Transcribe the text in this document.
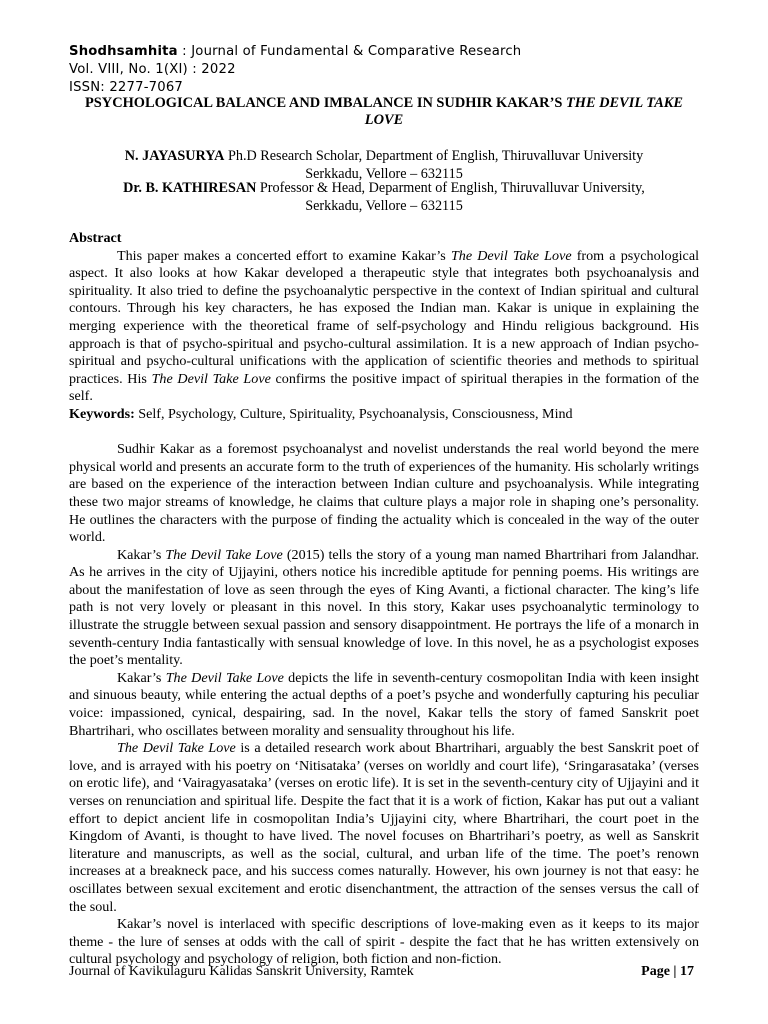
Shodhsamhita : Journal of Fundamental & Comparative Research
Vol. VIII, No. 1(XI) : 2022
ISSN: 2277-7067
PSYCHOLOGICAL BALANCE AND IMBALANCE IN SUDHIR KAKAR’S THE DEVIL TAKE LOVE
N. JAYASURYA Ph.D Research Scholar, Department of English, Thiruvalluvar University
Serkkadu, Vellore – 632115
Dr. B. KATHIRESAN Professor & Head, Deparment of English, Thiruvalluvar University,
Serkkadu, Vellore – 632115

Abstract

This paper makes a concerted effort to examine Kakar’s The Devil Take Love from a psychological aspect. It also looks at how Kakar developed a therapeutic style that integrates both psychoanalysis and spirituality. It also tried to define the psychoanalytic perspective in the context of Indian spiritual and cultural contours. Through his key characters, he has exposed the Indian man. Kakar is unique in explaining the merging experience with the theoretical frame of self-psychology and Hindu religious background. His approach is that of psycho-spiritual and psycho-cultural assimilation. It is a new approach of Indian psycho-spiritual and psycho-cultural unifications with the application of scientific theories and methods to spiritual practices. His The Devil Take Love confirms the positive impact of spiritual therapies in the formation of the self.

Keywords: Self, Psychology, Culture, Spirituality, Psychoanalysis, Consciousness, Mind

Sudhir Kakar as a foremost psychoanalyst and novelist understands the real world beyond the mere physical world and presents an accurate form to the truth of experiences of the humanity. His scholarly writings are based on the experience of the interaction between Indian culture and psychoanalysis. While integrating these two major streams of knowledge, he claims that culture plays a major role in shaping one’s personality. He outlines the characters with the purpose of finding the actuality which is concealed in the way of the outer world.

Kakar’s The Devil Take Love (2015) tells the story of a young man named Bhartrihari from Jalandhar. As he arrives in the city of Ujjayini, others notice his incredible aptitude for penning poems. His writings are about the manifestation of love as seen through the eyes of King Avanti, a fictional character. The king’s life path is not very lovely or pleasant in this novel. In this story, Kakar uses psychoanalytic terminology to illustrate the struggle between sexual passion and sensory disappointment. He portrays the life of a monarch in seventh-century India fantastically with sensual knowledge of love. In this novel, he as a psychologist exposes the poet’s mentality.

Kakar’s The Devil Take Love depicts the life in seventh-century cosmopolitan India with keen insight and sinuous beauty, while entering the actual depths of a poet’s psyche and wonderfully capturing his peculiar voice: impassioned, cynical, despairing, sad. In the novel, Kakar tells the story of famed Sanskrit poet Bhartrihari, who oscillates between morality and sensuality throughout his life.

The Devil Take Love is a detailed research work about Bhartrihari, arguably the best Sanskrit poet of love, and is arrayed with his poetry on ‘Nitisataka’ (verses on worldly and court life), ‘Sringarasataka’ (verses on erotic life), and ‘Vairagyasataka’ (verses on erotic life). It is set in the seventh-century city of Ujjayini and it verses on renunciation and spiritual life. Despite the fact that it is a work of fiction, Kakar has put out a valiant effort to depict ancient life in cosmopolitan India’s Ujjayini city, where Bhartrihari, the court poet in the Kingdom of Avanti, is thought to have lived. The novel focuses on Bhartrihari’s poetry, as well as Sanskrit literature and manuscripts, as well as the social, cultural, and urban life of the time. The poet’s renown increases at a breakneck pace, and his success comes naturally. However, his own journey is not that easy: he oscillates between sexual excitement and erotic disenchantment, the attraction of the senses versus the call of the soul.

Kakar’s novel is interlaced with specific descriptions of love-making even as it keeps to its major theme - the lure of senses at odds with the call of spirit - despite the fact that he has written extensively on cultural psychology and psychology of religion, both fiction and non-fiction.

Journal of Kavikulaguru Kalidas Sanskrit University, Ramtek	Page | 17
